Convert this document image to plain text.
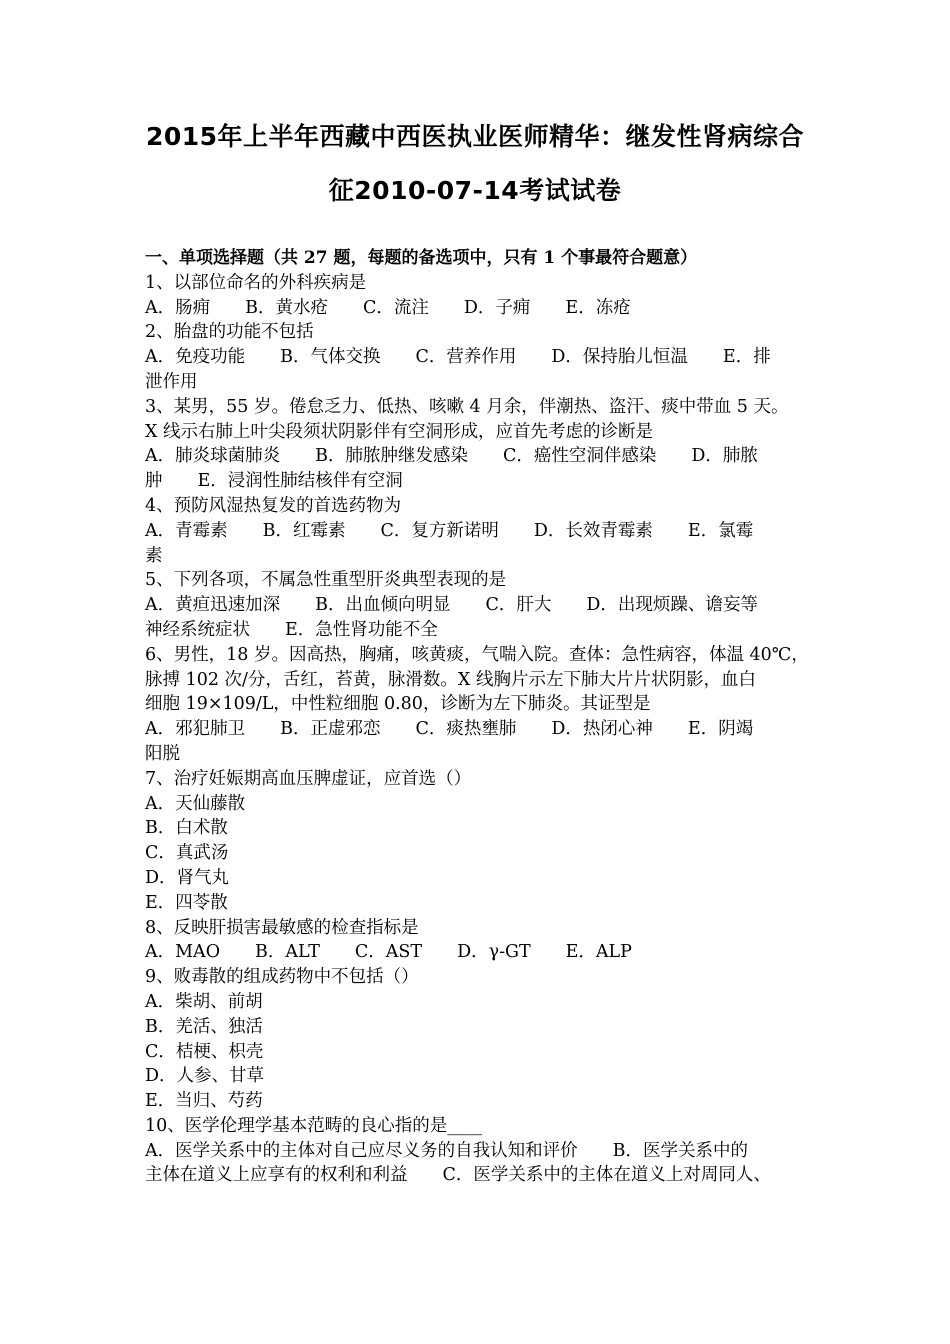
2015年上半年西藏中西医执业医师精华：继发性肾病综合
征2010-07-14考试试卷
一、单项选择题（共 27 题，每题的备选项中，只有 1 个事最符合题意）
1、以部位命名的外科疾病是
A．肠痈　　B．黄水疮　　C．流注　　D．子痈　　E．冻疮
2、胎盘的功能不包括
A．免疫功能　　B．气体交换　　C．营养作用　　D．保持胎儿恒温　　E．排
泄作用
3、某男，55 岁。倦怠乏力、低热、咳嗽 4 月余，伴潮热、盗汗、痰中带血 5 天。
X 线示右肺上叶尖段须状阴影伴有空洞形成，应首先考虑的诊断是
A．肺炎球菌肺炎　　B．肺脓肿继发感染　　C．癌性空洞伴感染　　D．肺脓
肿　　E．浸润性肺结核伴有空洞
4、预防风湿热复发的首选药物为
A．青霉素　　B．红霉素　　C．复方新诺明　　D．长效青霉素　　E．氯霉
素
5、下列各项，不属急性重型肝炎典型表现的是
A．黄疸迅速加深　　B．出血倾向明显　　C．肝大　　D．出现烦躁、谵妄等
神经系统症状　　E．急性肾功能不全
6、男性，18 岁。因高热，胸痛，咳黄痰，气喘入院。查体：急性病容，体温 40℃，
脉搏 102 次/分，舌红，苔黄，脉滑数。X 线胸片示左下肺大片片状阴影，血白
细胞 19×109/L，中性粒细胞 0.80，诊断为左下肺炎。其证型是
A．邪犯肺卫　　B．正虚邪恋　　C．痰热壅肺　　D．热闭心神　　E．阴竭
阳脱
7、治疗妊娠期高血压脾虚证，应首选（）
A．天仙藤散
B．白术散
C．真武汤
D．肾气丸
E．四苓散
8、反映肝损害最敏感的检查指标是
A．MAO　　B．ALT　　C．AST　　D．γ-GT　　E．ALP
9、败毒散的组成药物中不包括（）
A．柴胡、前胡
B．羌活、独活
C．桔梗、枳壳
D．人参、甘草
E．当归、芍药
10、医学伦理学基本范畴的良心指的是____
A．医学关系中的主体对自己应尽义务的自我认知和评价　　B．医学关系中的
主体在道义上应享有的权利和利益　　C．医学关系中的主体在道义上对周同人、
